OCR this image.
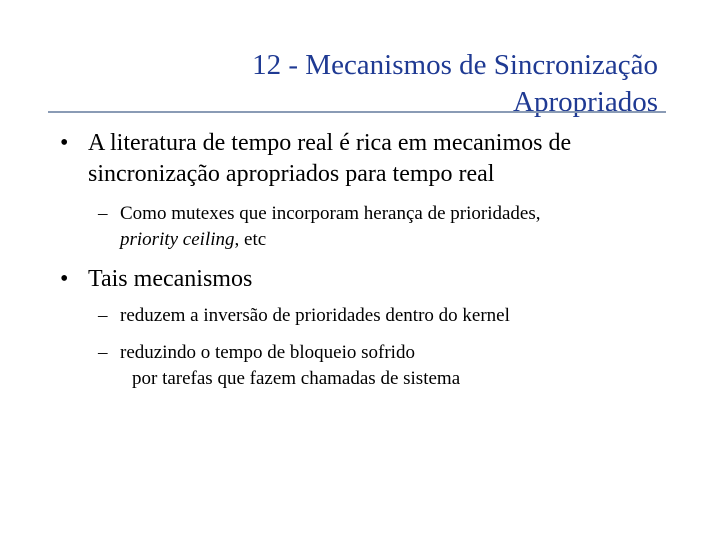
12 - Mecanismos de Sincronização
Apropriados
• A literatura de tempo real é rica em mecanimos de
sincronização apropriados para tempo real
– Como mutexes que incorporam herança de prioridades,
priority ceiling, etc
• Tais mecanismos
– reduzem a inversão de prioridades dentro do kernel
– reduzindo o tempo de bloqueio sofrido

por tarefas que fazem chamadas de sistema
